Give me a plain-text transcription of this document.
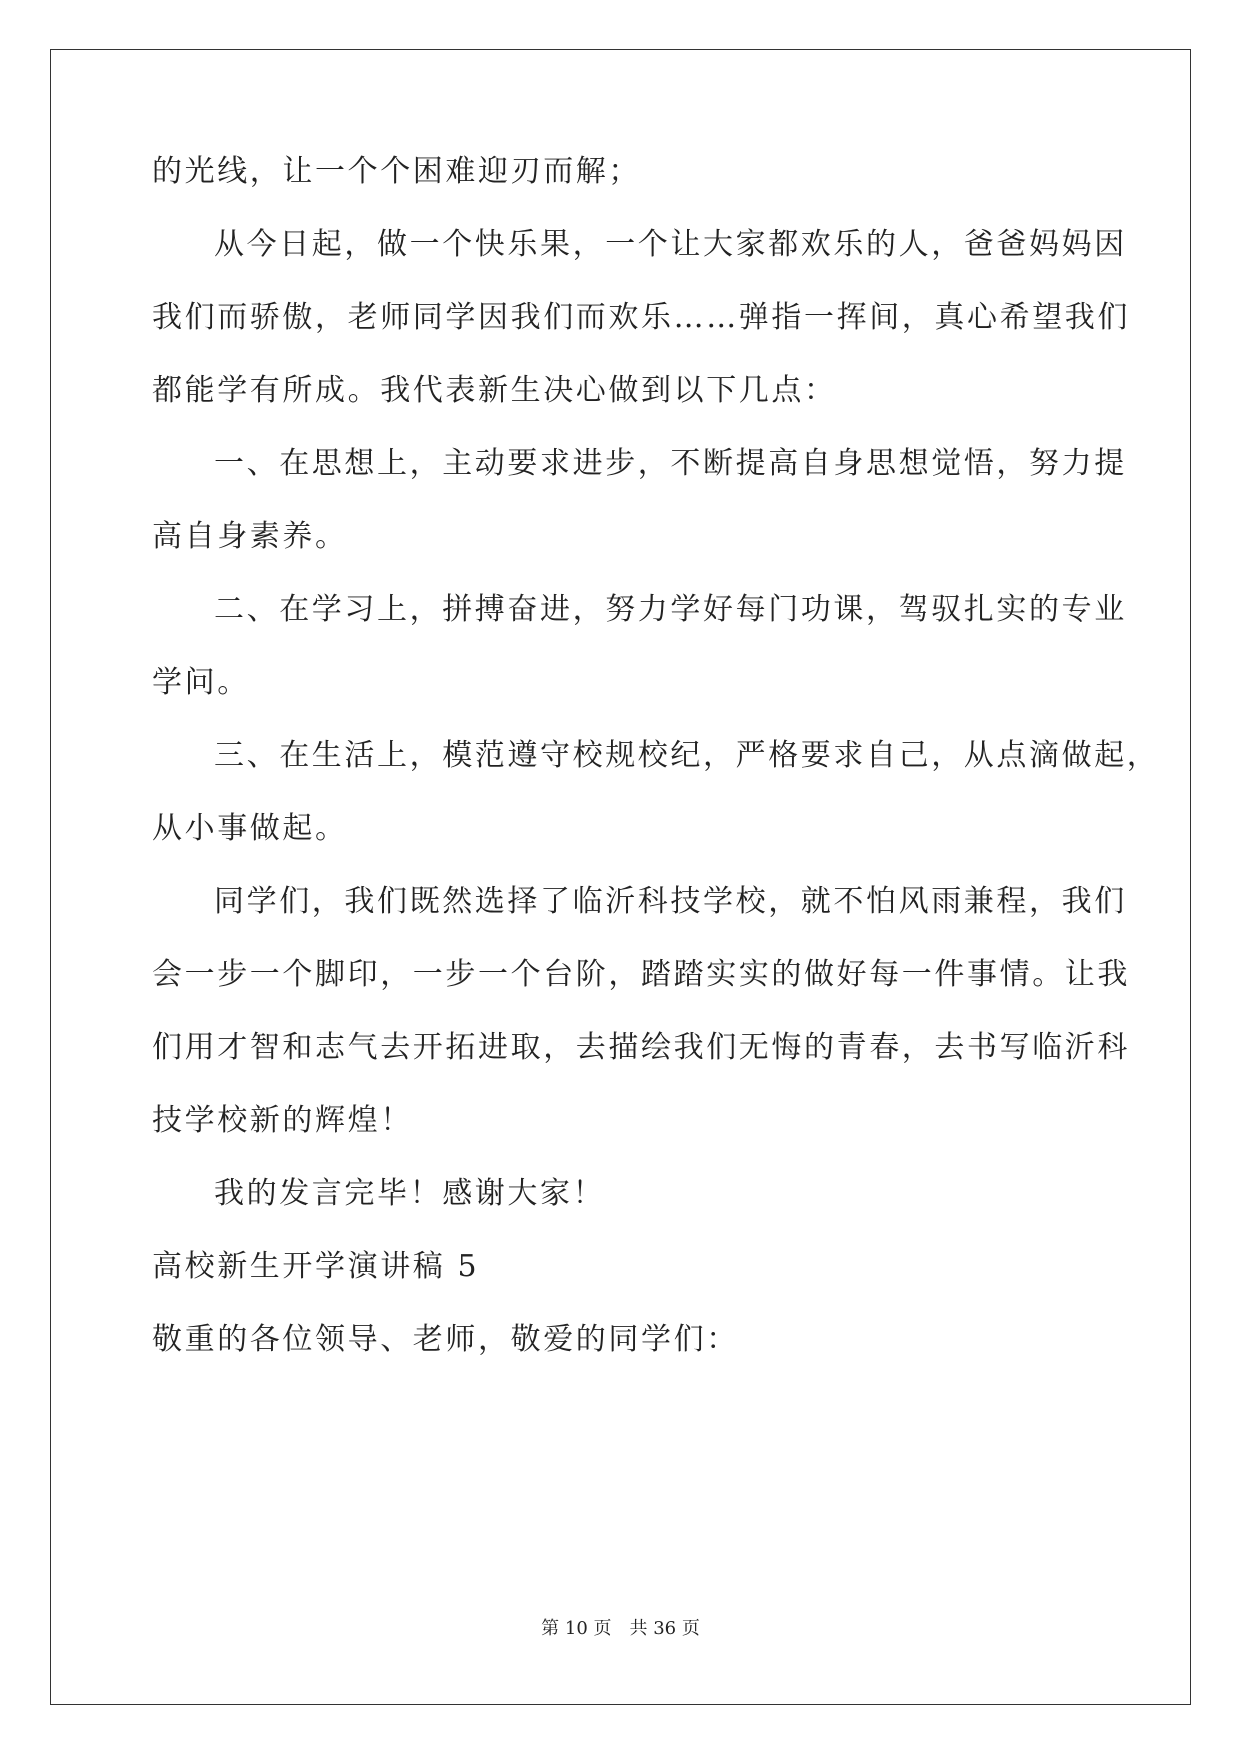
的光线，让一个个困难迎刃而解；
从今日起，做一个快乐果，一个让大家都欢乐的人，爸爸妈妈因
我们而骄傲，老师同学因我们而欢乐……弹指一挥间，真心希望我们
都能学有所成。我代表新生决心做到以下几点：
一、在思想上，主动要求进步，不断提高自身思想觉悟，努力提
高自身素养。
二、在学习上，拼搏奋进，努力学好每门功课，驾驭扎实的专业
学问。
三、在生活上，模范遵守校规校纪，严格要求自己，从点滴做起，
从小事做起。
同学们，我们既然选择了临沂科技学校，就不怕风雨兼程，我们
会一步一个脚印，一步一个台阶，踏踏实实的做好每一件事情。让我
们用才智和志气去开拓进取，去描绘我们无悔的青春，去书写临沂科
技学校新的辉煌！
我的发言完毕！感谢大家！
高校新生开学演讲稿 5
敬重的各位领导、老师，敬爱的同学们：
第 10 页　共 36 页
